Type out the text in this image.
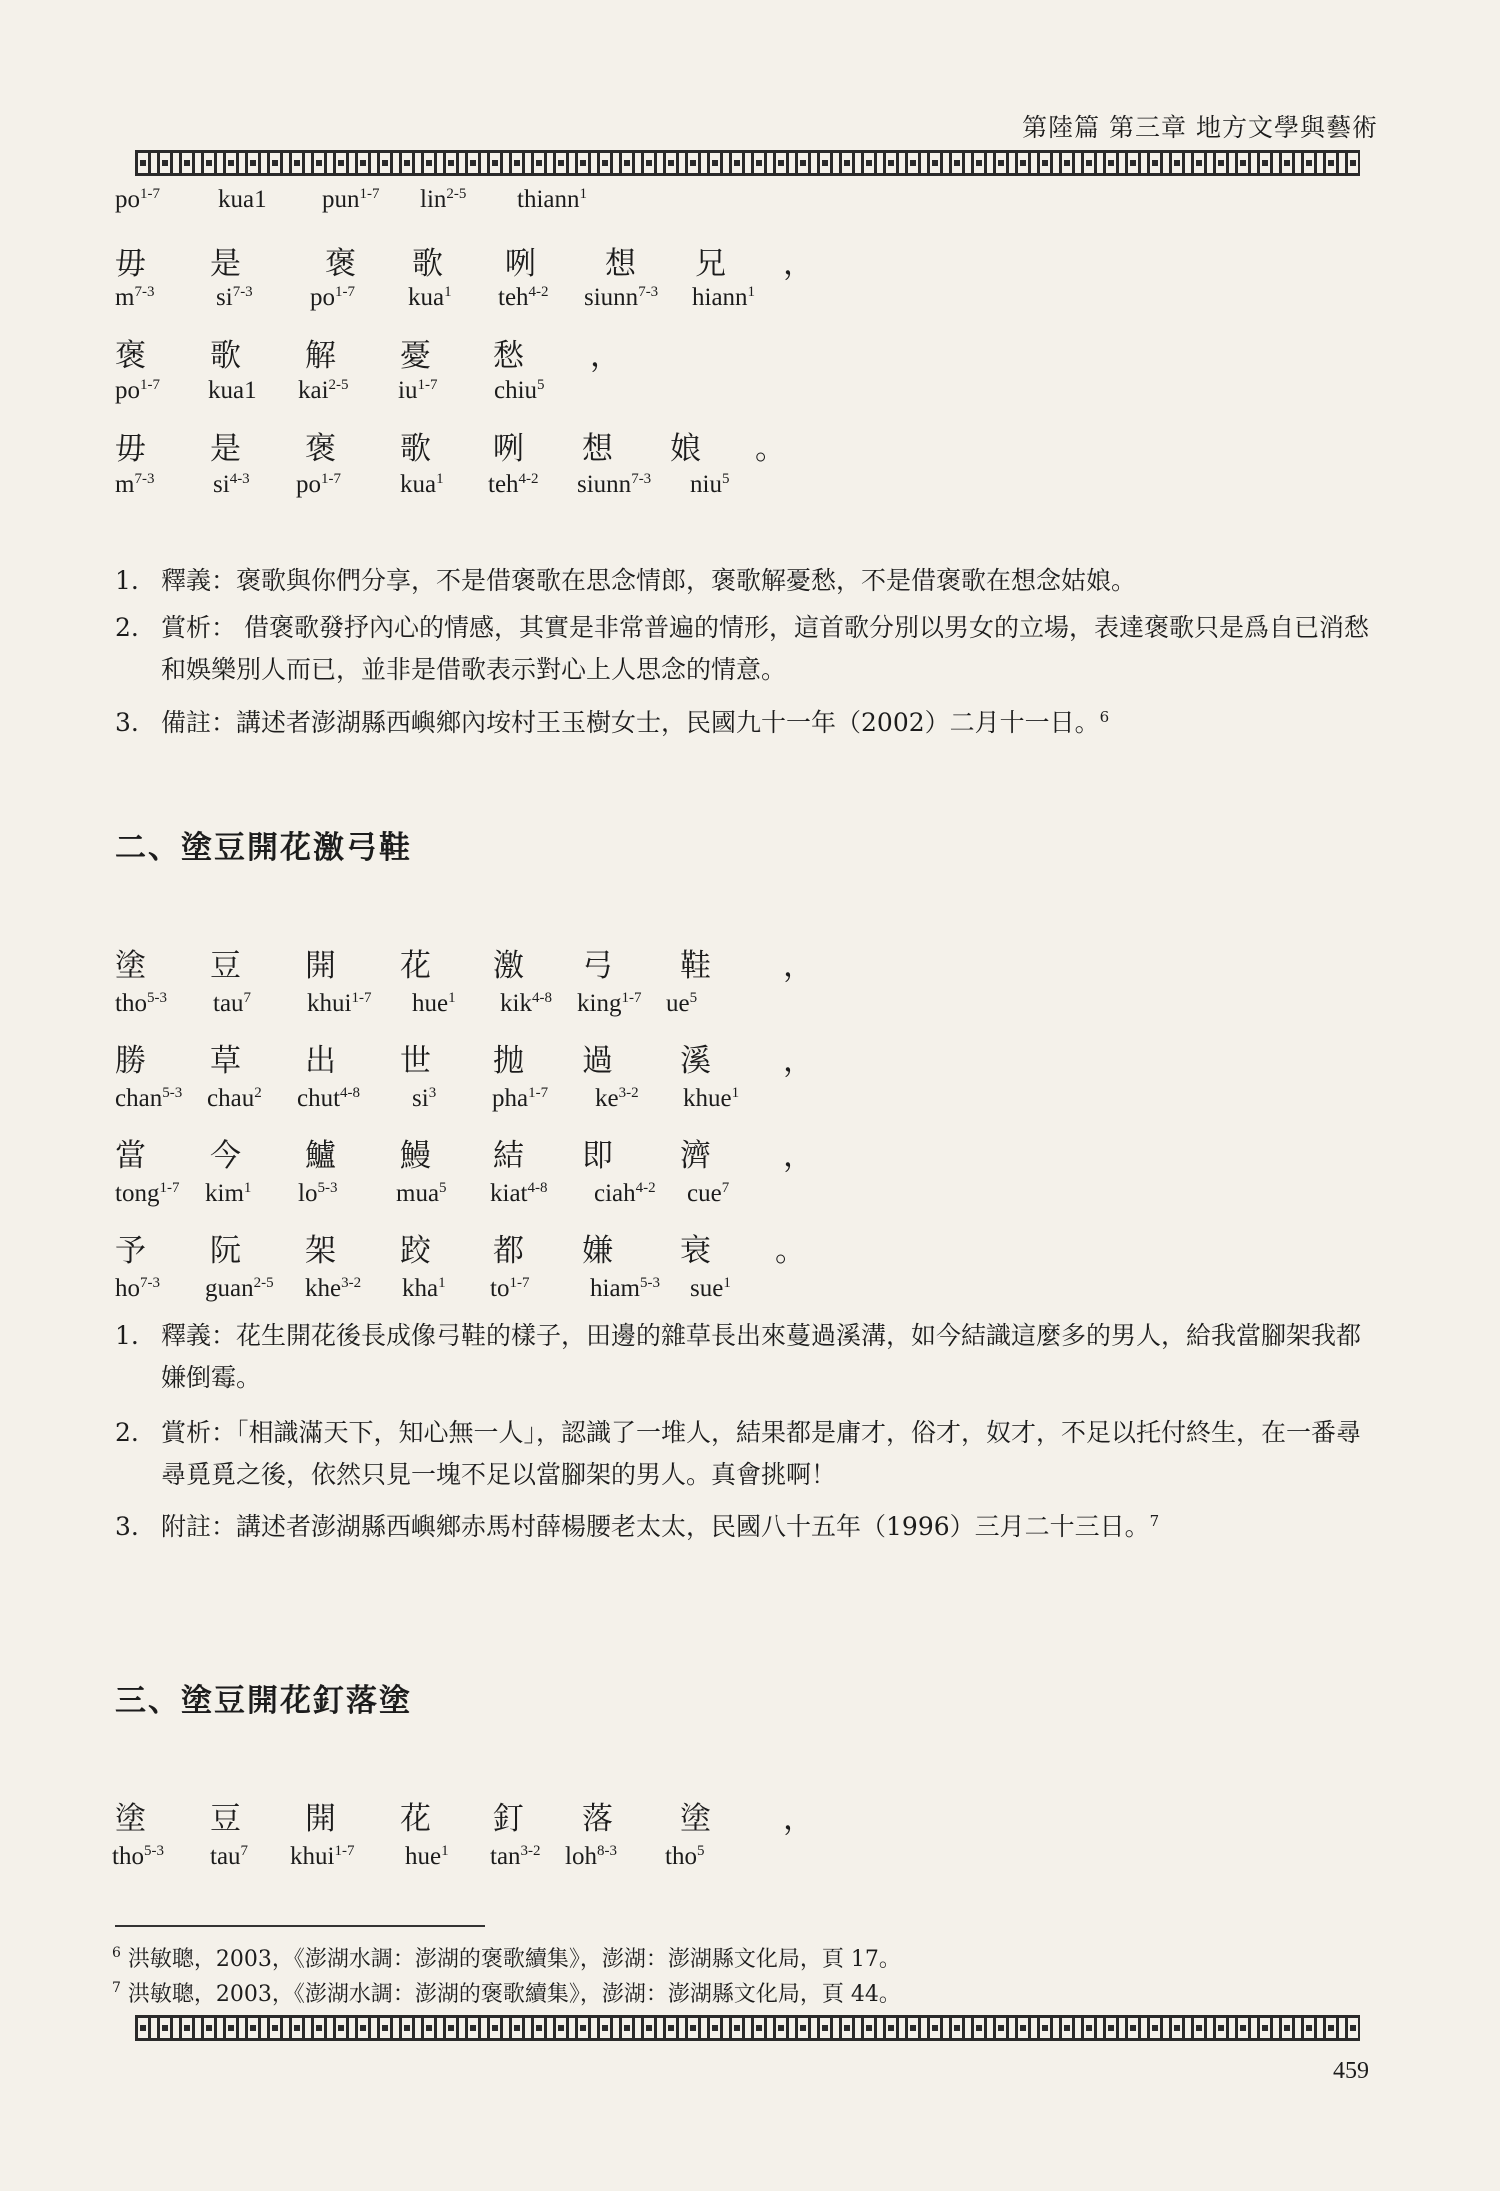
第陸篇 第三章 地方文學與藝術
$po^{1-7}$ kua1 pun$^{1-7}$ lin$^{2-5}$ thiann$^1$
毋 是	褒 歌 咧 想 兄 ，
$m^{7-3}$ $si^{7-3}$ $po^{1-7}$ kua$^1$ teh$^{4-2}$ siunn$^{7-3}$ hiann$^1$
褒 歌 解 憂 愁 ，
$po^{1-7}$ kua1 kai$^{2-5}$ $iu^{1-7}$ chiu$^5$
毋 是 褒 歌 咧 想 娘 。
$m^{7-3}$ $si^{4-3}$ $po^{1-7}$ kua$^1$ teh$^{4-2}$ siunn$^{7-3}$ niu$^5$
1. 釋義：褒歌與你們分享，不是借褒歌在思念情郎，褒歌解憂愁，不是借褒歌在想念姑娘。
2. 賞析： 借褒歌發抒內心的情感，其實是非常普遍的情形，這首歌分別以男女的立場，表達褒歌只是爲自已消愁和娛樂別人而已，並非是借歌表示對心上人思念的情意。
3. 備註：講述者澎湖縣西嶼鄉內垵村王玉樹女士，民國九十一年（2002）二月十一日。$^6$
二、塗豆開花激弓鞋
塗 豆 開 花 激 弓 鞋 ，
tho$^{5-3}$ tau$^7$ khui$^{1-7}$ hue$^1$ kik$^{4-8}$ king$^{1-7}$ $ue^5$
勝 草 出 世 抛 過 溪 ，
chan$^{5-3}$ chau$^2$ chut$^{4-8}$ $si^3$ pha$^{1-7}$ $ke^{3-2}$ khue$^1$
當 今 鱸 鰻 結 即 濟 ，
tong$^{1-7}$ kim$^1$ $lo^{5-3}$ mua$^5$ kiat$^{4-8}$ ciah$^{4-2}$ cue$^7$
予 阮 架 跤 都 嫌 衰 。
$ho^{7-3}$ guan$^{2-5}$ khe$^{3-2}$ kha$^1$ $to^{1-7}$ hiam$^{5-3}$ sue$^1$
1. 釋義：花生開花後長成像弓鞋的樣子，田邊的雜草長出來蔓過溪溝，如今結識這麼多的男人，給我當腳架我都嫌倒霉。
2. 賞析：「相識滿天下，知心無一人」，認識了一堆人，結果都是庸才，俗才，奴才，不足以托付終生，在一番尋尋覓覓之後，依然只見一塊不足以當腳架的男人。真會挑啊！
3. 附註：講述者澎湖縣西嶼鄉赤馬村薛楊腰老太太，民國八十五年（1996）三月二十三日。$^7$
三、塗豆開花釘落塗
塗 豆 開 花 釘 落 塗 ，
tho$^{5-3}$ tau$^7$ khui$^{1-7}$ hue$^1$ $\tan^{3-2} loh^{8-3}$ tho$^5$
$^6$ 洪敏聰，2003，《澎湖水調：澎湖的褒歌續集》，澎湖：澎湖縣文化局，頁 17。
$^7$ 洪敏聰，2003，《澎湖水調：澎湖的褒歌續集》，澎湖：澎湖縣文化局，頁 44。
459
